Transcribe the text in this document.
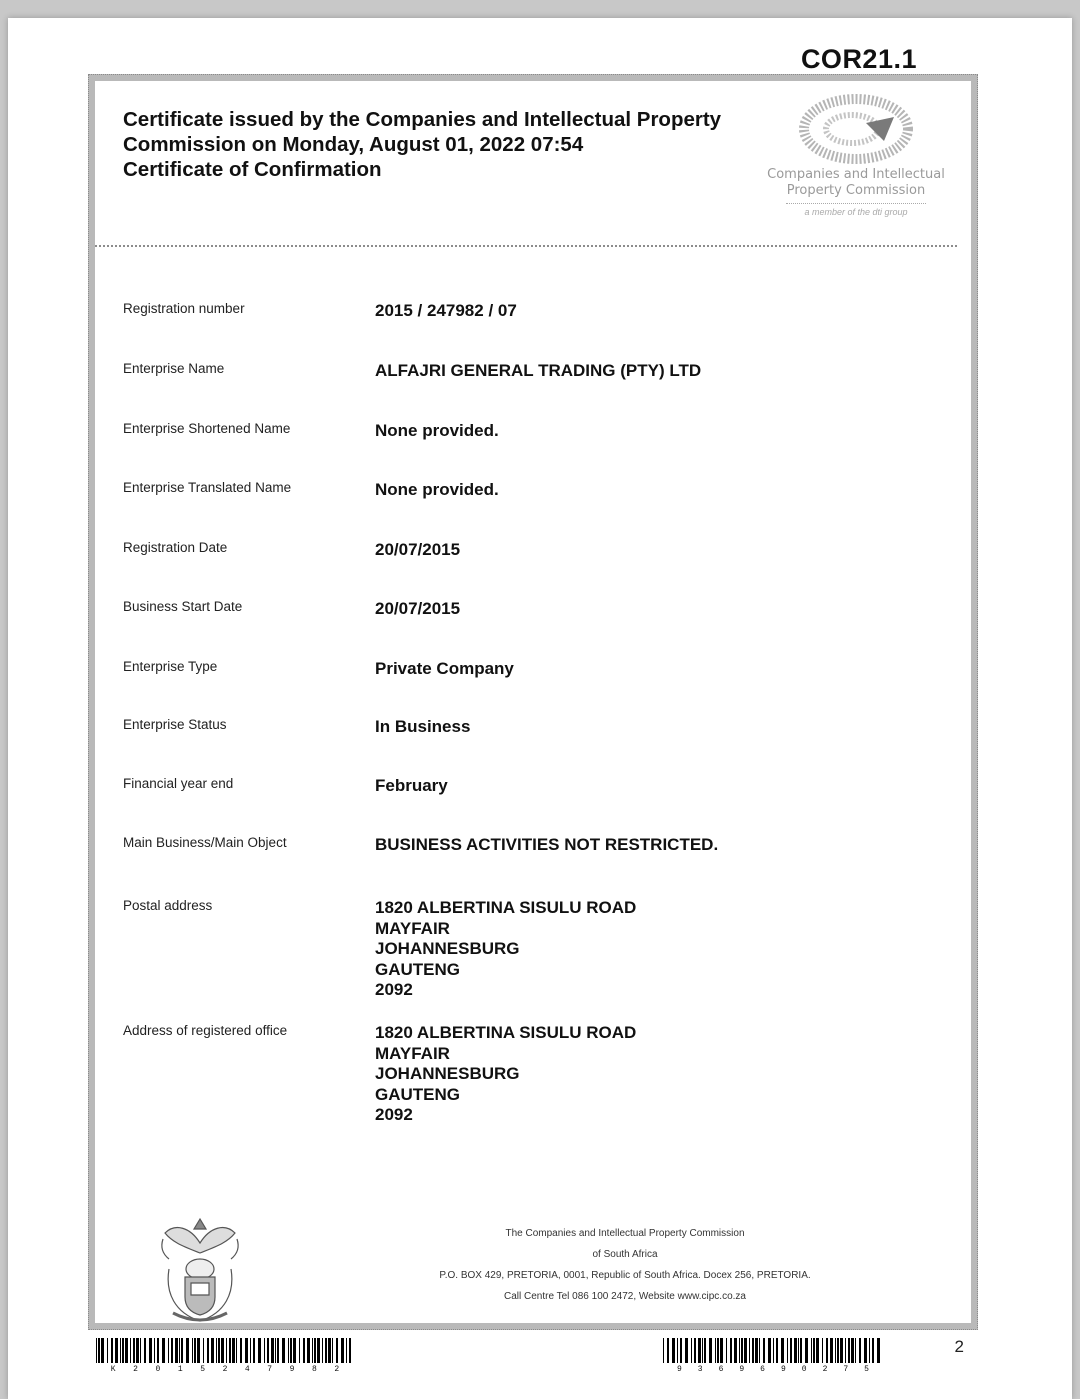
COR21.1
Certificate issued by the Companies and Intellectual Property
Commission on Monday, August 01, 2022 07:54
Certificate of Confirmation	Companies and Intellectual
Property Commission
a member of the dti group
Registration number	2015 / 247982 / 07
Enterprise Name	ALFAJRI GENERAL TRADING (PTY) LTD
Enterprise Shortened Name	None provided.
Enterprise Translated Name	None provided.
Registration Date	20/07/2015
Business Start Date	20/07/2015
Enterprise Type	Private Company
Enterprise Status	In Business
Financial year end	February
Main Business/Main Object	BUSINESS ACTIVITIES NOT RESTRICTED.
Postal address	1820 ALBERTINA SISULU ROAD
MAYFAIR
JOHANNESBURG
GAUTENG
2092
Address of registered office	1820 ALBERTINA SISULU ROAD
MAYFAIR
JOHANNESBURG
GAUTENG
2092
The Companies and Intellectual Property Commission
of South Africa
P.O. BOX 429, PRETORIA, 0001, Republic of South Africa. Docex 256, PRETORIA.
Call Centre Tel 086 100 2472, Website www.cipc.co.za
K 2 0 1 5 2 4 7 9 8 2	9 3 6 9 6 9 0 2 7 5
2
